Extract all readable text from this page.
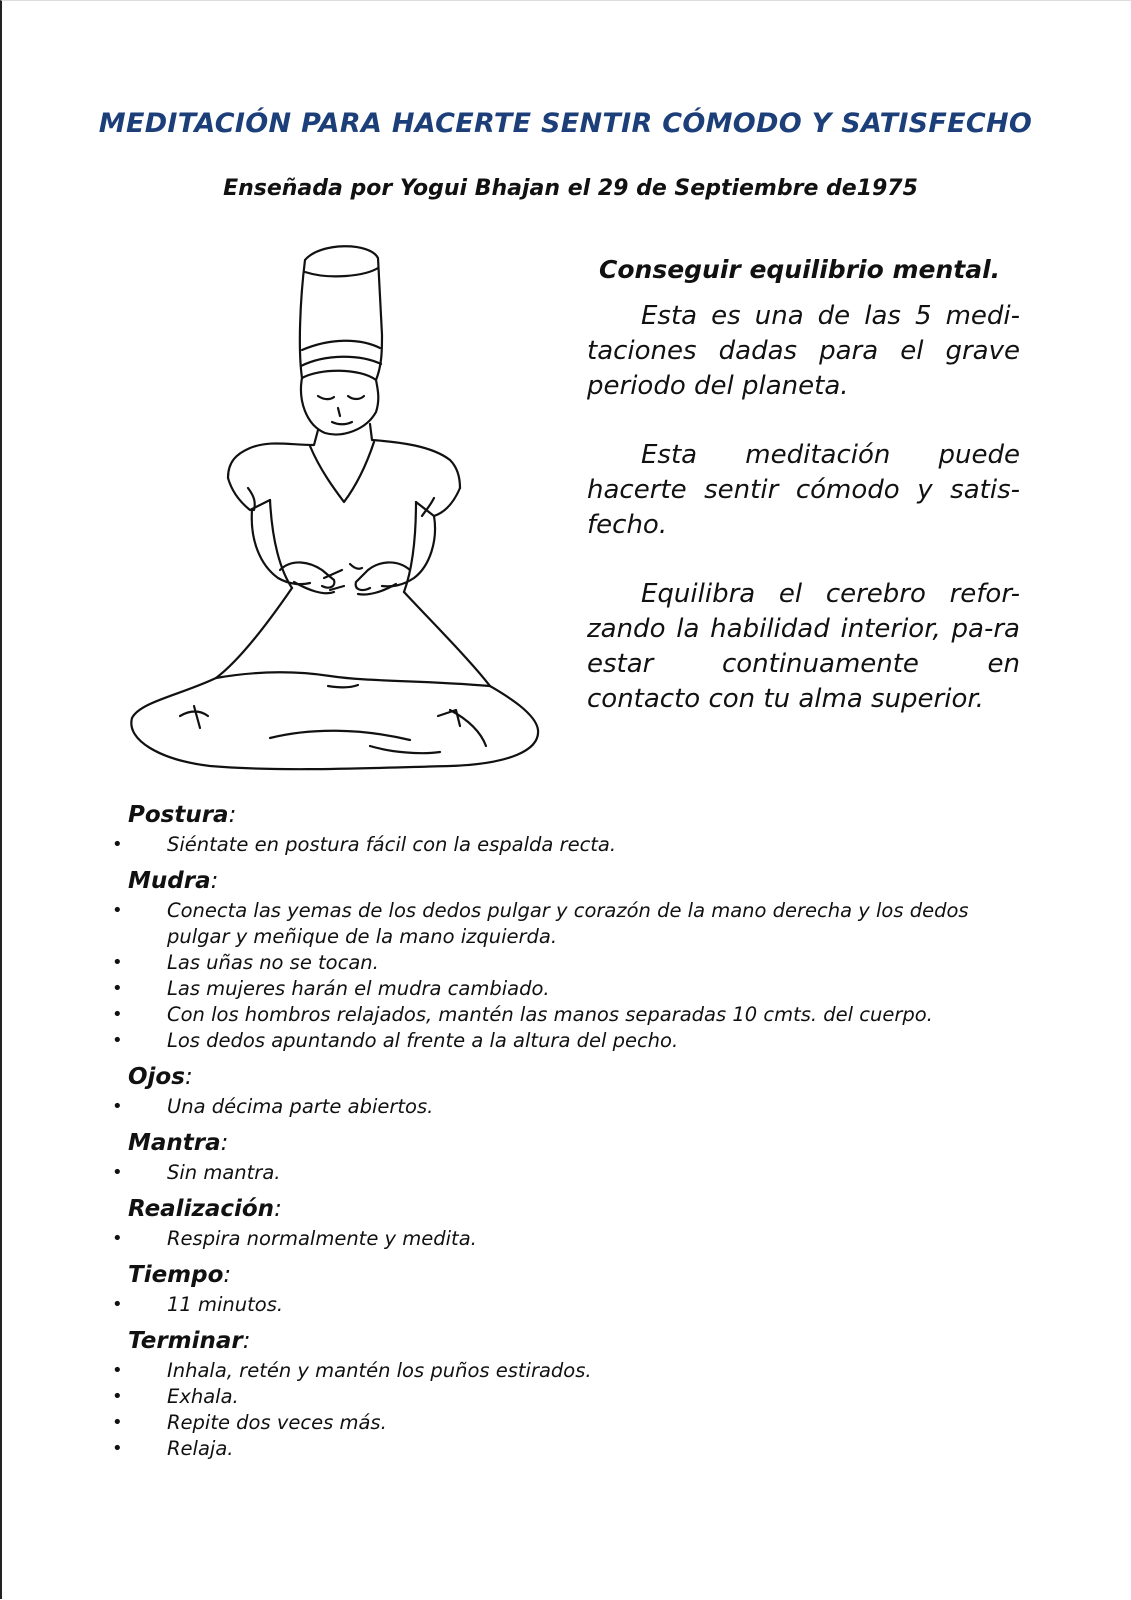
MEDITACIÓN PARA HACERTE SENTIR CÓMODO Y SATISFECHO
Enseñada por Yogui Bhajan el 29 de Septiembre de1975
Conseguir equilibrio mental.

Esta es una de las 5 medi-taciones dadas para el grave periodo del planeta.

Esta meditación puede hacerte sentir cómodo y satis-fecho.

Equilibra el cerebro refor-zando la habilidad interior, pa-ra estar continuamente en contacto con tu alma superior.

Postura:
• Siéntate en postura fácil con la espalda recta.
Mudra:
• Conecta las yemas de los dedos pulgar y corazón de la mano derecha y los dedos pulgar y meñique de la mano izquierda.
• Las uñas no se tocan.
• Las mujeres harán el mudra cambiado.
• Con los hombros relajados, mantén las manos separadas 10 cmts. del cuerpo.
• Los dedos apuntando al frente a la altura del pecho.
Ojos:
• Una décima parte abiertos.
Mantra:
• Sin mantra.
Realización:
• Respira normalmente y medita.
Tiempo:
• 11 minutos.
Terminar:
• Inhala, retén y mantén los puños estirados.
• Exhala.
• Repite dos veces más.
• Relaja.
